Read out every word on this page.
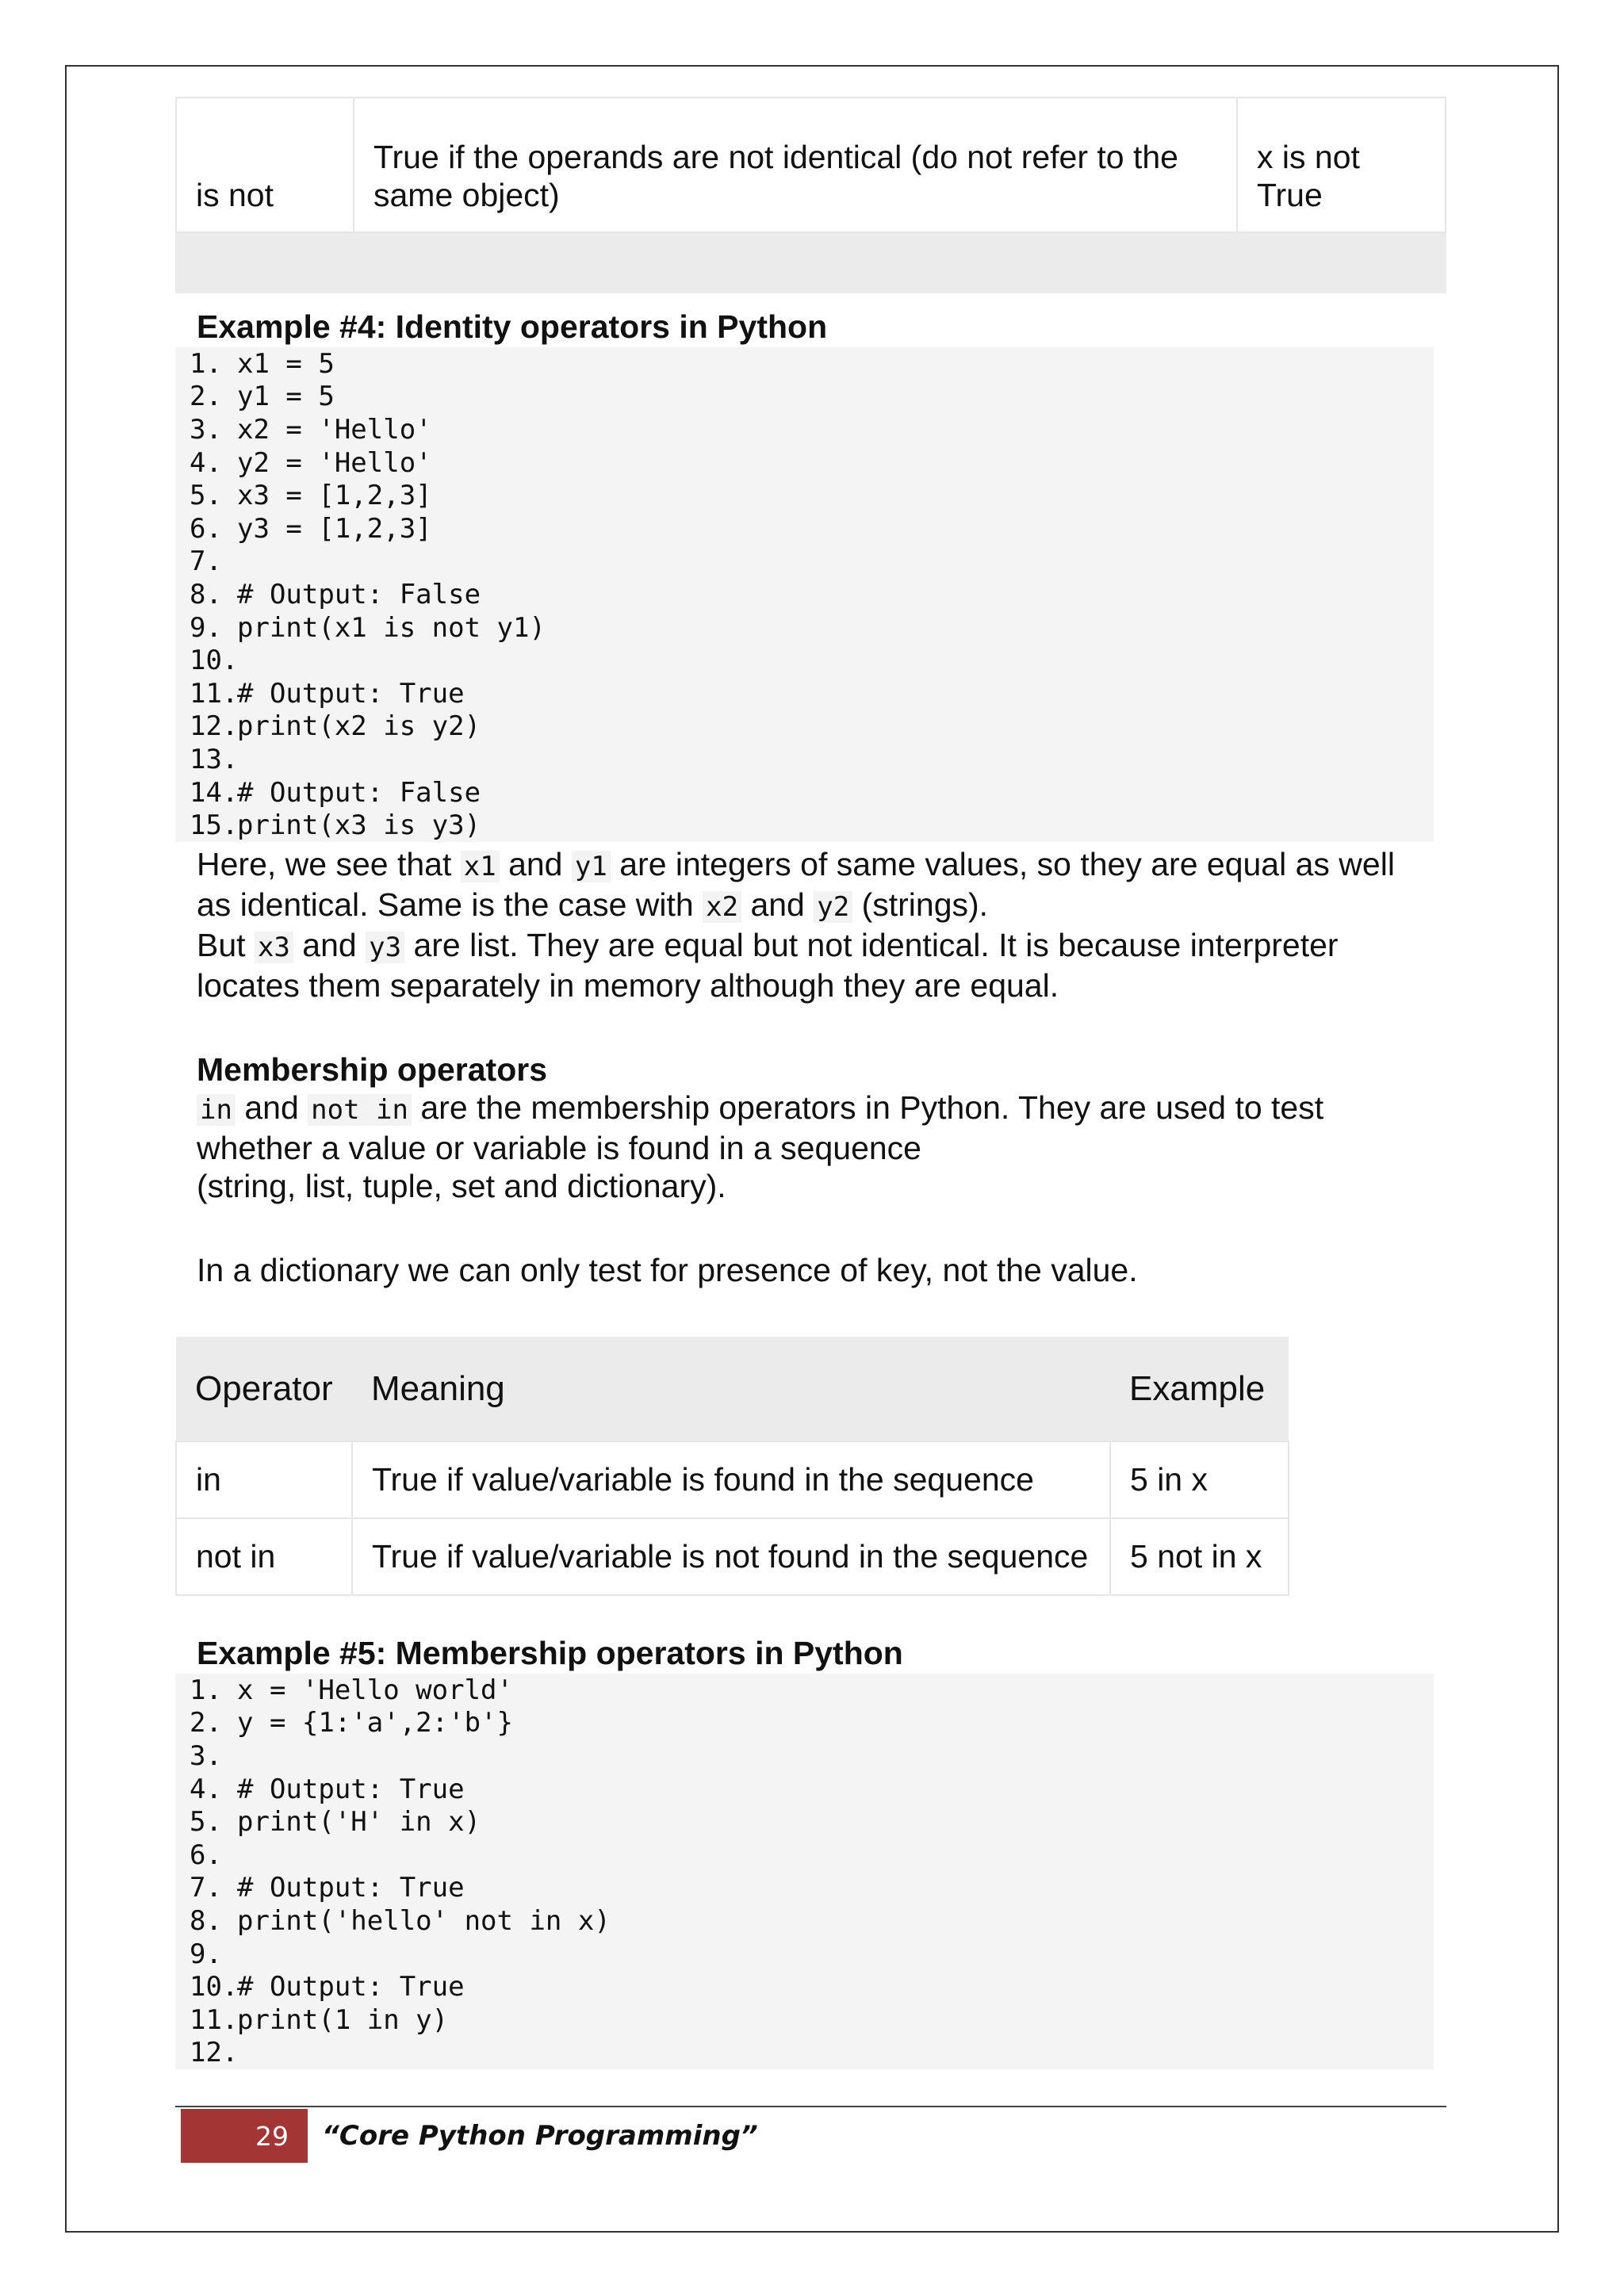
is not	True if the operands are not identical (do not refer to the same object)	x is not
True

Example #4: Identity operators in Python
1. x1 = 5
2. y1 = 5
3. x2 = 'Hello'
4. y2 = 'Hello'
5. x3 = [1,2,3]
6. y3 = [1,2,3]
7.
8. # Output: False
9. print(x1 is not y1)
10.
11.
# Output: True
12.
print(x2 is y2)
13.
14.
# Output: False
15.
print(x3 is y3)
Here, we see that x1 and y1 are integers of same values, so they are equal as well
as identical. Same is the case with x2 and y2 (strings).
But x3 and y3 are list. They are equal but not identical. It is because interpreter
locates them separately in memory although they are equal.
Membership operators
in and not in are the membership operators in Python. They are used to test
whether a value or variable is found in a sequence
(string, list, tuple, set and dictionary).
In a dictionary we can only test for presence of key, not the value.
Operator	Meaning	Example
in	True if value/variable is found in the sequence	5 in x
not in	True if value/variable is not found in the sequence	5 not in x
Example #5: Membership operators in Python
1. x = 'Hello world'
2. y = {1:'a',2:'b'}
3.
4. # Output: True
5. print('H' in x)
6.
7. # Output: True
8. print('hello' not in x)
9.
10.
# Output: True
11.
print(1 in y)
12.
29	“Core Python Programming”
